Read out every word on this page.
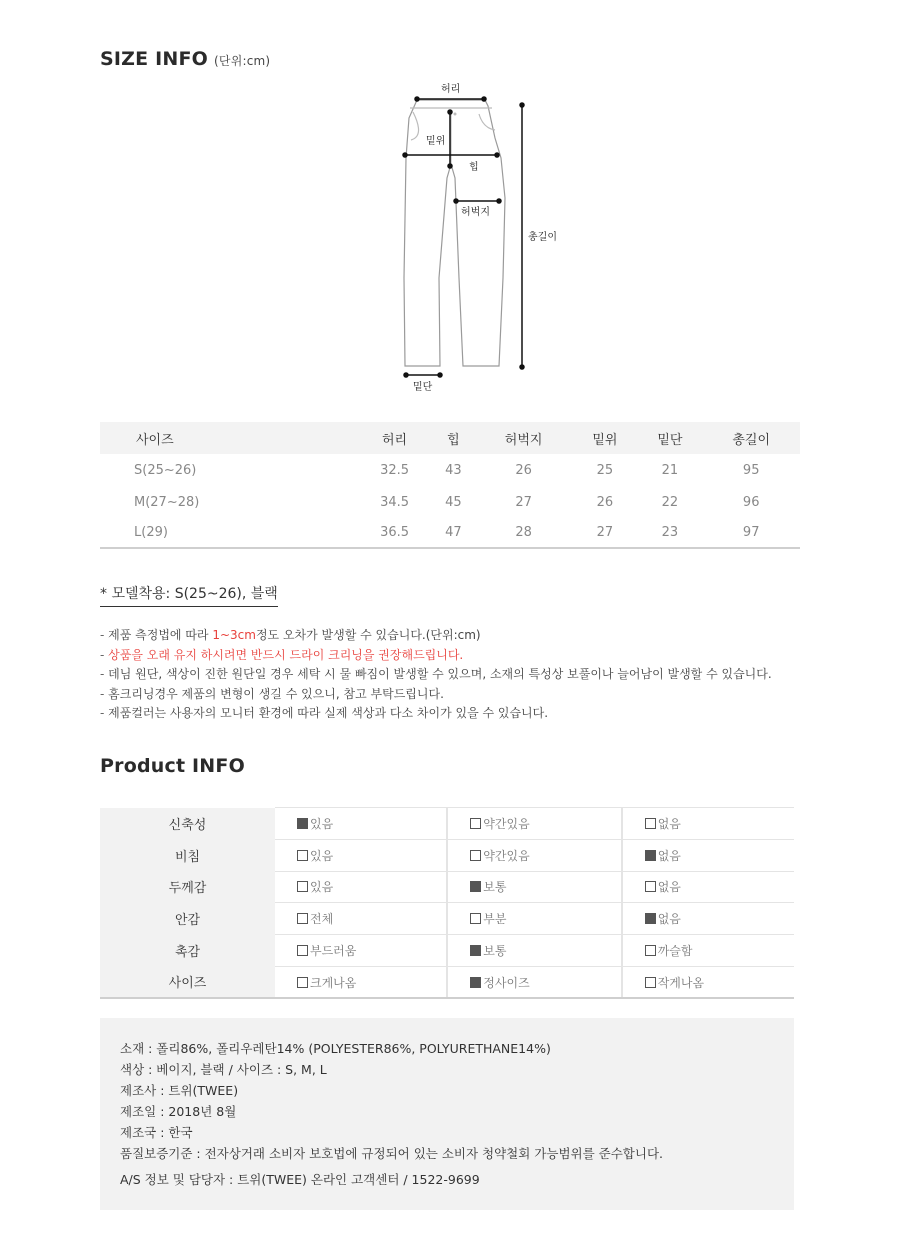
SIZE INFO (단위:cm)
허리
밑위
힙
허벅지
밑단
총길이
사이즈	허리	힙	허벅지	밑위	밑단	총길이
S(25~26)	32.5	43	26	25	21	95
M(27~28)	34.5	45	27	26	22	96
L(29)	36.5	47	28	27	23	97
* 모델착용: S(25~26), 블랙
- 제품 측정법에 따라 1~3cm정도 오차가 발생할 수 있습니다.(단위:cm)
- 상품을 오래 유지 하시려면 반드시 드라이 크리닝을 권장해드립니다.
- 데님 원단, 색상이 진한 원단일 경우 세탁 시 물 빠짐이 발생할 수 있으며, 소재의 특성상 보풀이나 늘어남이 발생할 수 있습니다.
- 홈크리닝경우 제품의 변형이 생길 수 있으니, 참고 부탁드립니다.
- 제품컬러는 사용자의 모니터 환경에 따라 실제 색상과 다소 차이가 있을 수 있습니다.
Product INFO
신축성	있음	약간있음	없음
비침	있음	약간있음	없음
두께감	있음	보통	없음
안감	전체	부분	없음
촉감	부드러움	보통	까슬함
사이즈	크게나옴	정사이즈	작게나옴

소재 : 폴리86%, 폴리우레탄14% (POLYESTER86%, POLYURETHANE14%)

색상 : 베이지, 블랙 / 사이즈 : S, M, L

제조사 : 트위(TWEE)

제조일 : 2018년 8월

제조국 : 한국

품질보증기준 : 전자상거래 소비자 보호법에 규정되어 있는 소비자 청약철회 가능범위를 준수합니다.

A/S 정보 및 담당자 : 트위(TWEE) 온라인 고객센터 / 1522-9699
